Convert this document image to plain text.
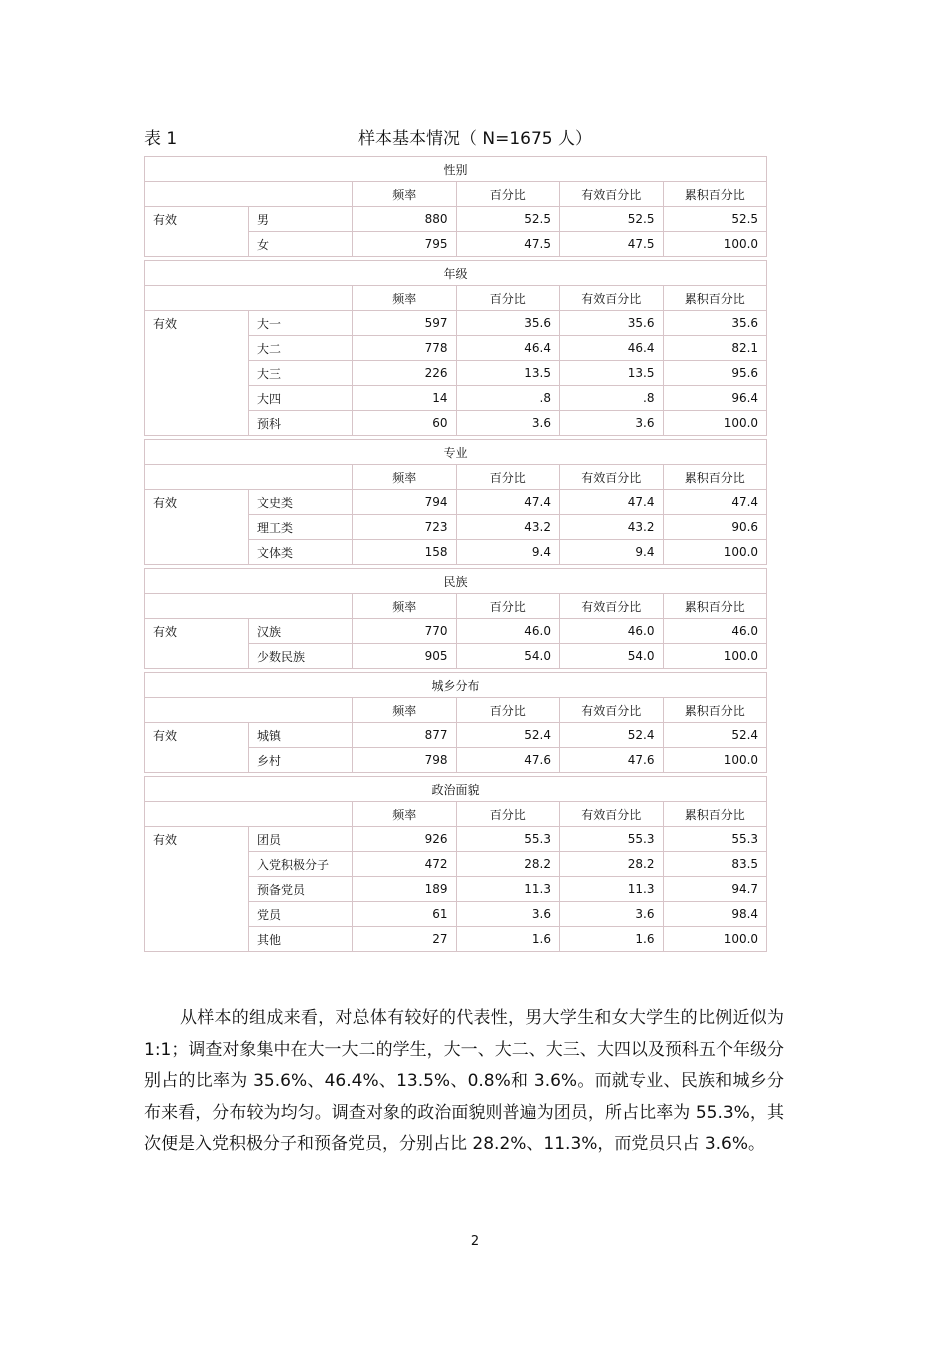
表 1	样本基本情况（ N=1675 人）
性别					
		频率	百分比	有效百分比	累积百分比
有效	男	880	52.5	52.5	52.5
	女	795	47.5	47.5	100.0
年级					
		频率	百分比	有效百分比	累积百分比
有效	大一	597	35.6	35.6	35.6
	大二	778	46.4	46.4	82.1
	大三	226	13.5	13.5	95.6
	大四	14	.8	.8	96.4
	预科	60	3.6	3.6	100.0
专业					
		频率	百分比	有效百分比	累积百分比
有效	文史类	794	47.4	47.4	47.4
	理工类	723	43.2	43.2	90.6
	文体类	158	9.4	9.4	100.0
民族					
		频率	百分比	有效百分比	累积百分比
有效	汉族	770	46.0	46.0	46.0
	少数民族	905	54.0	54.0	100.0
城乡分布					
		频率	百分比	有效百分比	累积百分比
有效	城镇	877	52.4	52.4	52.4
	乡村	798	47.6	47.6	100.0
政治面貌					
		频率	百分比	有效百分比	累积百分比
有效	团员	926	55.3	55.3	55.3
	入党积极分子	472	28.2	28.2	83.5
	预备党员	189	11.3	11.3	94.7
	党员	61	3.6	3.6	98.4
	其他	27	1.6	1.6	100.0

从样本的组成来看，对总体有较好的代表性，男大学生和女大学生的比例近似为 1:1；调查对象集中在大一大二的学生，大一、大二、大三、大四以及预科五个年级分别占的比率为 35.6%、46.4%、13.5%、0.8%和 3.6%。而就专业、民族和城乡分布来看，分布较为均匀。调查对象的政治面貌则普遍为团员，所占比率为 55.3%，其次便是入党积极分子和预备党员，分别占比 28.2%、11.3%，而党员只占 3.6%。

2
